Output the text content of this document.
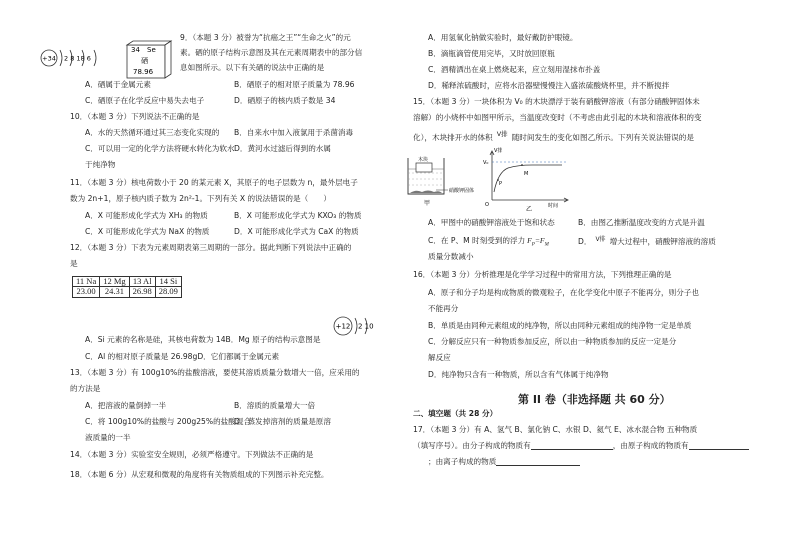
+34 2 8 18 6
34 Se
硒
78.96
9．（本题 3 分）被誉为“抗癌之王”“生命之火”的元
素。硒的原子结构示意图及其在元素周期表中的部分信
息如图所示。以下有关硒的说法中正确的是
A．硒属于金属元素	B．硒原子的相对原子质量为 78.96
C．硒原子在化学反应中易失去电子	D．硒原子的核内质子数是 34
10．（本题 3 分）下列说法不正确的是
A．水的天然循环通过其三态变化实现的 B．自来水中加入液氯用于杀菌消毒
C．可以用一定的化学方法将硬水转化为软水 D．黄河水过滤后得到的水属
于纯净物
11．（本题 3 分）核电荷数小于 20 的某元素 X，其原子的电子层数为 n，最外层电子
数为 2n+1，原子核内质子数为 2n²-1。下列有关 X 的说法错误的是（　　）
A．X 可能形成化学式为 XH₃ 的物质	B．X 可能形成化学式为 KXO₃ 的物质
C．X 可能形成化学式为 NaX 的物质	D．X 可能形成化学式为 CaX 的物质
12．（本题 3 分）下表为元素周期表第三周期的一部分。据此判断下列说法中正确的
是
11 Na	12 Mg	13 Al	14 Si
23.00	24.31	26.98	28.09
+12 2 10
A．Si 元素的名称是硅，其核电荷数为 14B．Mg 原子的结构示意图是
C．Al 的相对原子质量是 26.98gD．它们都属于金属元素
13．（本题 3 分）有 100g10%的盐酸溶液，要使其溶质质量分数增大一倍，应采用的
的方法是
A．把溶液的量倒掉一半	B．溶质的质量增大一倍
C．将 100g10%的盐酸与 200g25%的盐酸混合
D．蒸发掉溶剂的质量是原溶
液质量的一半
14．（本题 3 分）实验室安全规则，必须严格遵守。下列做法不正确的是
18．（本题 6 分）从宏观和微观的角度将有关物质组成的下列图示补充完整。
A．用氢氧化钠做实验时，最好戴防护眼镜。
B．滴瓶滴管使用完毕，又时放回原瓶
C．酒精洒出在桌上燃烧起来，应立刻用湿抹布扑盖
D．稀释浓硫酸时，应将水沿器壁慢慢注入盛浓硫酸烧杯里，并不断搅拌
15．（本题 3 分）一块体积为 V₀ 的木块漂浮于装有硝酸钾溶液（有部分硝酸钾固体未
溶解）的小烧杯中如图甲所示，当温度改变时（不考虑由此引起的木块和溶液体积的变
化），木块排开水的体积 V排 随时间发生的变化如图乙所示。下列有关说法错误的是
木块
硝酸钾固体
甲
V排
V₀
P
M
O	时间
乙
A．甲图中的硝酸钾溶液处于饱和状态	B．由图乙推断温度改变的方式是升温
C．在 P、M 时刻受到的浮力 $F_P=F_M$	D． $^{V排}$ 增大过程中，硝酸钾溶液的溶质
质量分数减小
16．（本题 3 分）分析推理是化学学习过程中的常用方法，下列推理正确的是
A．原子和分子均是构成物质的微观粒子，在化学变化中原子不能再分，则分子也
不能再分
B．单质是由同种元素组成的纯净物，所以由同种元素组成的纯净物一定是单质
C．分解反应只有一种物质参加反应，所以由一种物质参加的反应一定是分
解反应
D．纯净物只含有一种物质，所以含有气体属于纯净物
第 II 卷（非选择题 共 60 分）
二、填空题（共 28 分）
17．（本题 3 分）有 A、氢气 B、氯化钠 C、水银 D、氦气 E、冰水混合物 五种物质
（填写序号）。由分子构成的物质有	，由原子构成的物质有
；由离子构成的物质
